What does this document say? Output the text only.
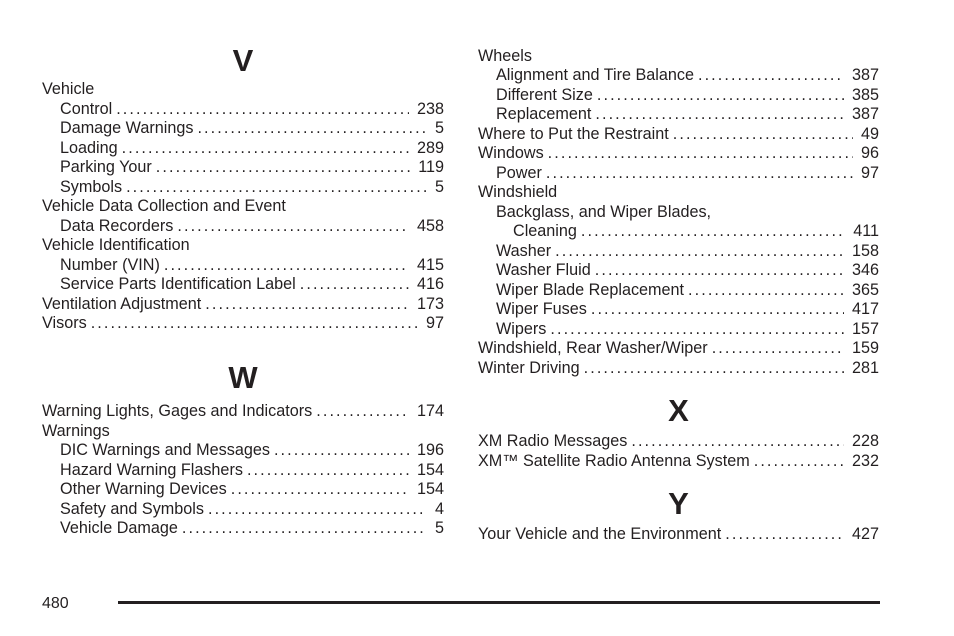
V
Vehicle
Control . . .	238
Damage Warnings . . .	5
Loading . . .	289
Parking Your . . .	119
Symbols . . .	5
Vehicle Data Collection and Event
Data Recorders . . .	458
Vehicle Identification
Number (VIN) . . .	415
Service Parts Identification Label . . .	416
Ventilation Adjustment . . .	173
Visors . . .	97
W
Warning Lights, Gages and Indicators . . .	174
Warnings
DIC Warnings and Messages . . .	196
Hazard Warning Flashers . . .	154
Other Warning Devices . . .	154
Safety and Symbols . . .	4
Vehicle Damage . . .	5
Wheels
Alignment and Tire Balance . . .	387
Different Size . . .	385
Replacement . . .	387
Where to Put the Restraint . . .	49
Windows . . .	96
Power . . .	97
Windshield
Backglass, and Wiper Blades,
Cleaning . . .	411
Washer . . .	158
Washer Fluid . . .	346
Wiper Blade Replacement . . .	365
Wiper Fuses . . .	417
Wipers . . .	157
Windshield, Rear Washer/Wiper . . .	159
Winter Driving . . .	281
X
XM Radio Messages . . .	228
XM™ Satellite Radio Antenna System . . .	232
Y
Your Vehicle and the Environment . . .	427
480
